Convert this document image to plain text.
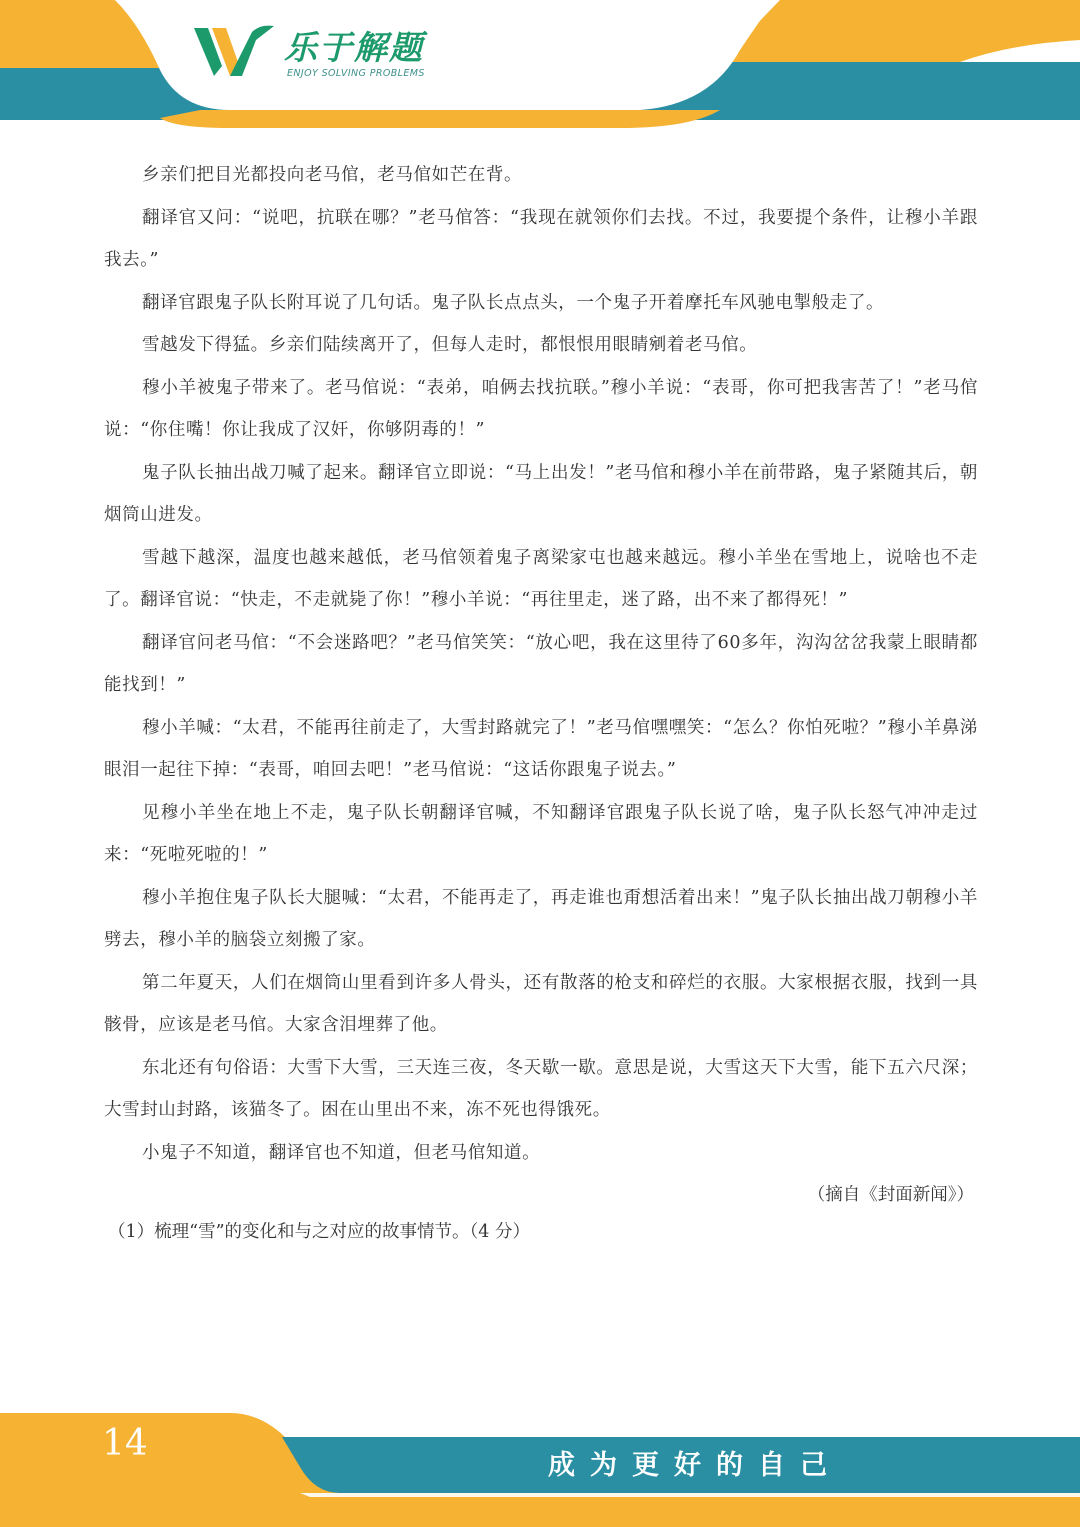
乐于解题
ENJOY SOLVING PROBLEMS

乡亲们把目光都投向老马倌，老马倌如芒在背。

翻译官又问：“说吧，抗联在哪？”老马倌答：“我现在就领你们去找。不过，我要提个条件，让穆小羊跟我去。”

翻译官跟鬼子队长附耳说了几句话。鬼子队长点点头，一个鬼子开着摩托车风驰电掣般走了。

雪越发下得猛。乡亲们陆续离开了，但每人走时，都恨恨用眼睛剜着老马倌。

穆小羊被鬼子带来了。老马倌说：“表弟，咱俩去找抗联。”穆小羊说：“表哥，你可把我害苦了！”老马倌说：“你住嘴！你让我成了汉奸，你够阴毒的！”

鬼子队长抽出战刀喊了起来。翻译官立即说：“马上出发！”老马倌和穆小羊在前带路，鬼子紧随其后，朝烟筒山进发。

雪越下越深，温度也越来越低，老马倌领着鬼子离梁家屯也越来越远。穆小羊坐在雪地上，说啥也不走了。翻译官说：“快走，不走就毙了你！”穆小羊说：“再往里走，迷了路，出不来了都得死！”

翻译官问老马倌：“不会迷路吧？”老马倌笑笑：“放心吧，我在这里待了60多年，沟沟岔岔我蒙上眼睛都能找到！”

穆小羊喊：“太君，不能再往前走了，大雪封路就完了！”老马倌嘿嘿笑：“怎么？你怕死啦？”穆小羊鼻涕眼泪一起往下掉：“表哥，咱回去吧！”老马倌说：“这话你跟鬼子说去。”

见穆小羊坐在地上不走，鬼子队长朝翻译官喊，不知翻译官跟鬼子队长说了啥，鬼子队长怒气冲冲走过来：“死啦死啦的！”

穆小羊抱住鬼子队长大腿喊：“太君，不能再走了，再走谁也甭想活着出来！”鬼子队长抽出战刀朝穆小羊劈去，穆小羊的脑袋立刻搬了家。

第二年夏天，人们在烟筒山里看到许多人骨头，还有散落的枪支和碎烂的衣服。大家根据衣服，找到一具骸骨，应该是老马倌。大家含泪埋葬了他。

东北还有句俗语：大雪下大雪，三天连三夜，冬天歇一歇。意思是说，大雪这天下大雪，能下五六尺深；大雪封山封路，该猫冬了。困在山里出不来，冻不死也得饿死。

小鬼子不知道，翻译官也不知道，但老马倌知道。

（摘自《封面新闻》）

（1）梳理“雪”的变化和与之对应的故事情节。（4 分）

14
成为更好的自己
